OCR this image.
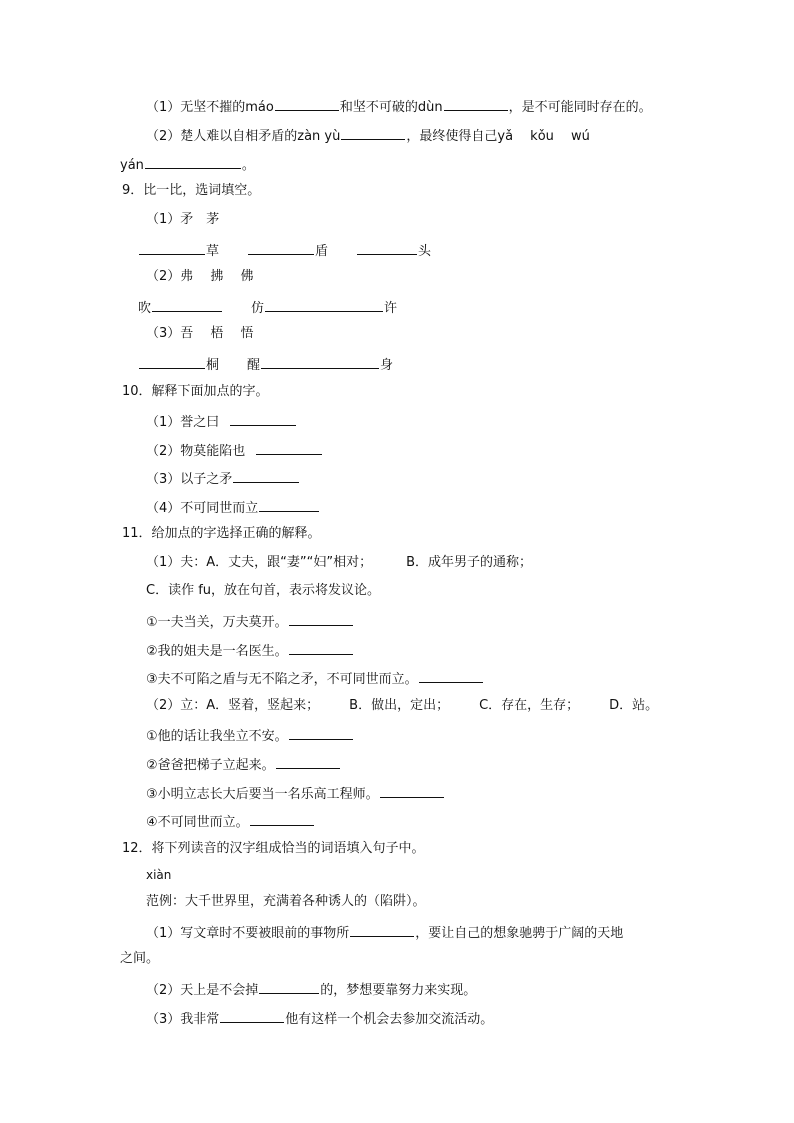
（1）无坚不摧的máo	和坚不可破的dùn	，是不可能同时存在的。
（2）楚人难以自相矛盾的zàn yù	，最终使得自己yǎ　 kǒu　 wú
yán	。
9．比一比，选词填空。
（1）矛　茅
草	盾	头
（2）弗　 拂　 佛
吹	仿	许
（3）吾　 梧　 悟
桐 醒	身
10．解释下面加点的字。
（1）誉之曰
（2）物莫能陷也
（3）以子之矛
（4）不可同世而立
11．给加点的字选择正确的解释。
（1）夫：A．丈夫，跟“妻”“妇”相对；	B．成年男子的通称；
C．读作 fu，放在句首，表示将发议论。
①一夫当关，万夫莫开。
②我的姐夫是一名医生。
③夫不可陷之盾与无不陷之矛，不可同世而立。
（2）立：A．竖着，竖起来； B．做出，定出； C．存在，生存； D．站。
①他的话让我坐立不安。
②爸爸把梯子立起来。
③小明立志长大后要当一名乐高工程师。
④不可同世而立。
12．将下列读音的汉字组成恰当的词语填入句子中。
xiàn
范例：大千世界里，充满着各种诱人的（陷阱）。
（1）写文章时不要被眼前的事物所	，要让自己的想象驰骋于广阔的天地
之间。
（2）天上是不会掉	的，梦想要靠努力来实现。
（3）我非常	他有这样一个机会去参加交流活动。
